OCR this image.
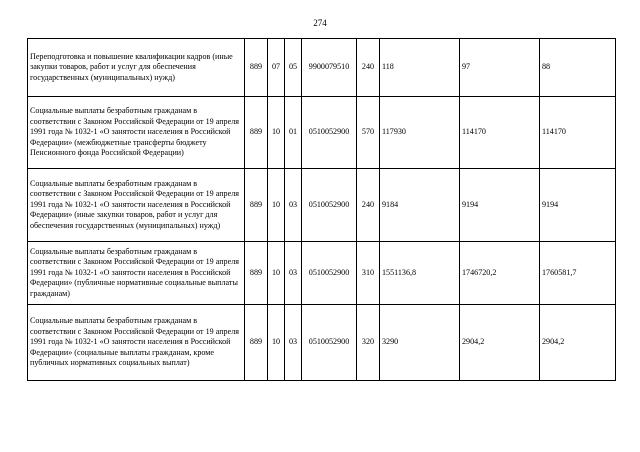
274
Переподготовка и повышение квалификации кадров (иные закупки товаров, работ и услуг для обеспечения государственных (муниципальных) нужд)	889	07	05	9900079510	240	118	97	88
Социальные выплаты безработным гражданам в соответствии с Законом Российской Федерации от 19 апреля 1991 года № 1032-1 «О занятости населения в Российской Федерации» (межбюджетные трансферты бюджету Пенсионного фонда Российской Федерации)	889	10	01	0510052900	570	117930	114170	114170
Социальные выплаты безработным гражданам в соответствии с Законом Российской Федерации от 19 апреля 1991 года № 1032-1 «О занятости населения в Российской Федерации» (иные закупки товаров, работ и услуг для обеспечения государственных (муниципальных) нужд)	889	10	03	0510052900	240	9184	9194	9194
Социальные выплаты безработным гражданам в соответствии с Законом Российской Федерации от 19 апреля 1991 года № 1032-1 «О занятости населения в Российской Федерации» (публичные нормативные социальные выплаты гражданам)	889	10	03	0510052900	310	1551136,8	1746720,2	1760581,7
Социальные выплаты безработным гражданам в соответствии с Законом Российской Федерации от 19 апреля 1991 года № 1032-1 «О занятости населения в Российской Федерации» (социальные выплаты гражданам, кроме публичных нормативных социальных выплат)	889	10	03	0510052900	320	3290	2904,2	2904,2
